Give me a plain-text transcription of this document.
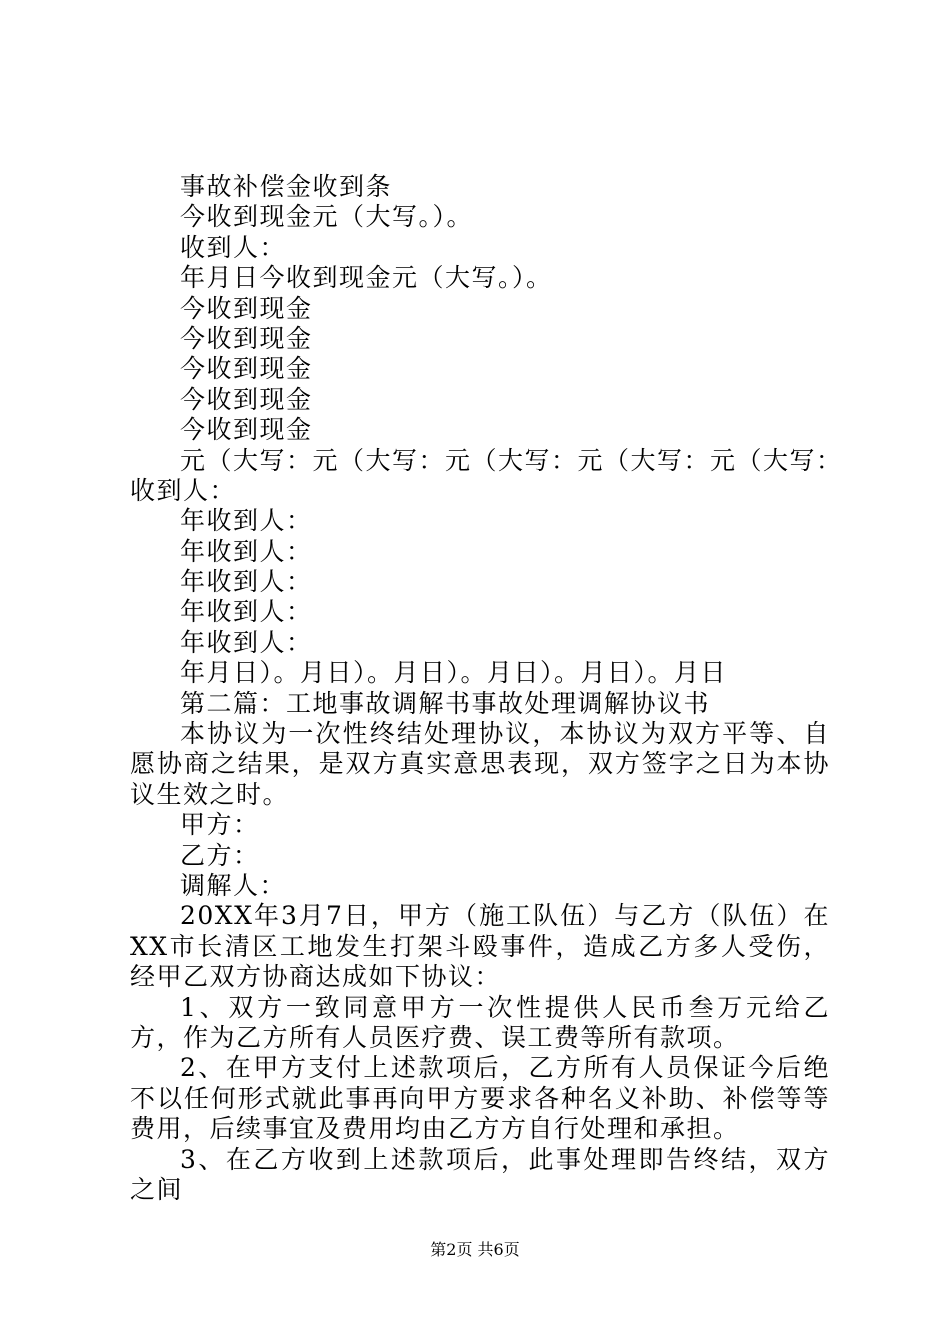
事故补偿金收到条
今收到现金元（大写。）。
收到人：
年月日今收到现金元（大写。）。
今收到现金
今收到现金
今收到现金
今收到现金
今收到现金
元（大写：元（大写：元（大写：元（大写：元（大写：
收到人：
年收到人：
年收到人：
年收到人：
年收到人：
年收到人：
年月日）。月日）。月日）。月日）。月日）。月日
第二篇：工地事故调解书事故处理调解协议书
本协议为一次性终结处理协议，本协议为双方平等、自愿协商之结果，是双方真实意思表现，双方签字之日为本协议生效之时。
甲方：
乙方：
调解人：
20XX年3月7日，甲方（施工队伍）与乙方（队伍）在XX市长清区工地发生打架斗殴事件，造成乙方多人受伤，经甲乙双方协商达成如下协议：
1、双方一致同意甲方一次性提供人民币叁万元给乙方，作为乙方所有人员医疗费、误工费等所有款项。
2、在甲方支付上述款项后，乙方所有人员保证今后绝不以任何形式就此事再向甲方要求各种名义补助、补偿等等费用，后续事宜及费用均由乙方方自行处理和承担。
3、在乙方收到上述款项后，此事处理即告终结，双方之间
第2页 共6页
